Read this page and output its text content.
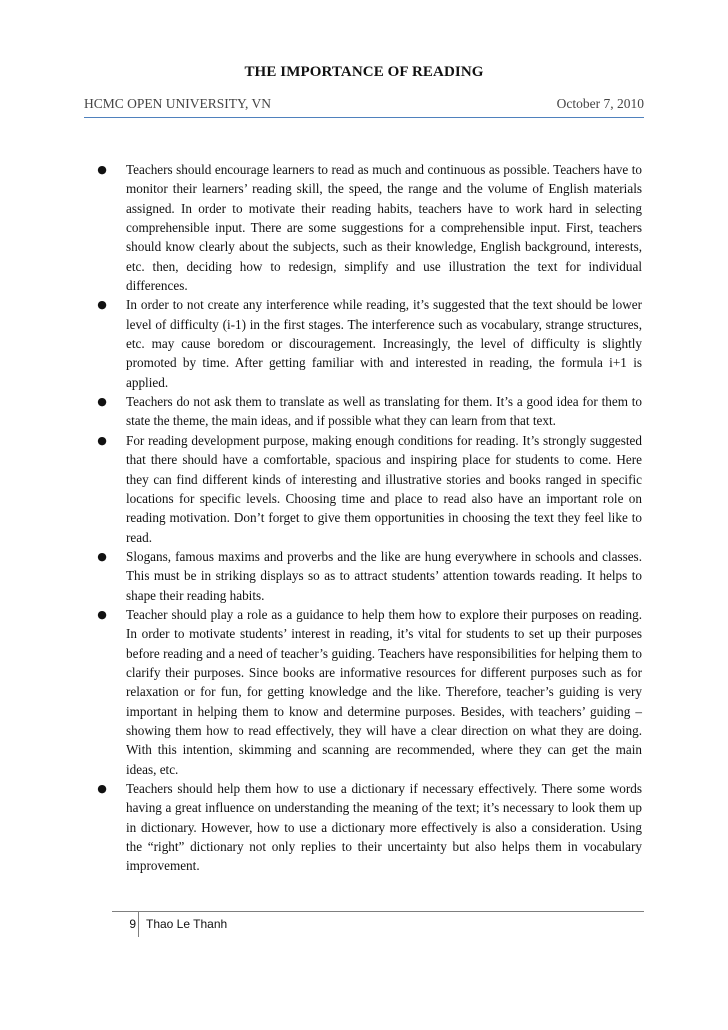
THE IMPORTANCE OF READING
HCMC OPEN UNIVERSITY, VN	October 7, 2010
● Teachers should encourage learners to read as much and continuous as possible. Teachers have to monitor their learners’ reading skill, the speed, the range and the volume of English materials assigned. In order to motivate their reading habits, teachers have to work hard in selecting comprehensible input. There are some suggestions for a comprehensible input. First, teachers should know clearly about the subjects, such as their knowledge, English background, interests, etc. then, deciding how to redesign, simplify and use illustration the text for individual differences.
● In order to not create any interference while reading, it’s suggested that the text should be lower level of difficulty (i-1) in the first stages. The interference such as vocabulary, strange structures, etc. may cause boredom or discouragement. Increasingly, the level of difficulty is slightly promoted by time. After getting familiar with and interested in reading, the formula i+1 is applied.
● Teachers do not ask them to translate as well as translating for them. It’s a good idea for them to state the theme, the main ideas, and if possible what they can learn from that text.
● For reading development purpose, making enough conditions for reading. It’s strongly suggested that there should have a comfortable, spacious and inspiring place for students to come. Here they can find different kinds of interesting and illustrative stories and books ranged in specific locations for specific levels. Choosing time and place to read also have an important role on reading motivation. Don’t forget to give them opportunities in choosing the text they feel like to read.
● Slogans, famous maxims and proverbs and the like are hung everywhere in schools and classes. This must be in striking displays so as to attract students’ attention towards reading. It helps to shape their reading habits.
● Teacher should play a role as a guidance to help them how to explore their purposes on reading. In order to motivate students’ interest in reading, it’s vital for students to set up their purposes before reading and a need of teacher’s guiding. Teachers have responsibilities for helping them to clarify their purposes. Since books are informative resources for different purposes such as for relaxation or for fun, for getting knowledge and the like. Therefore, teacher’s guiding is very important in helping them to know and determine purposes. Besides, with teachers’ guiding – showing them how to read effectively, they will have a clear direction on what they are doing. With this intention, skimming and scanning are recommended, where they can get the main ideas, etc.
● Teachers should help them how to use a dictionary if necessary effectively. There some words having a great influence on understanding the meaning of the text; it’s necessary to look them up in dictionary. However, how to use a dictionary more effectively is also a consideration. Using the “right” dictionary not only replies to their uncertainty but also helps them in vocabulary improvement.
9 Thao Le Thanh
